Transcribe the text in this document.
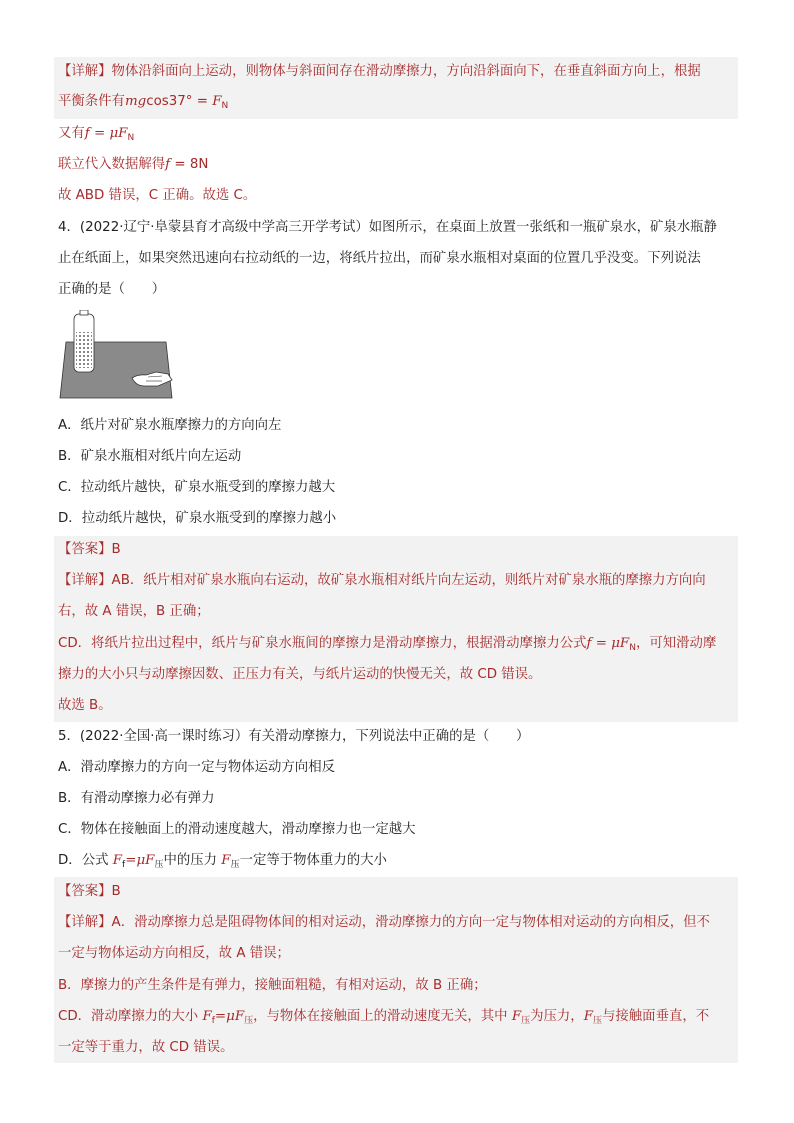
【详解】物体沿斜面向上运动，则物体与斜面间存在滑动摩擦力，方向沿斜面向下，在垂直斜面方向上，根据
平衡条件有$mgcos37^\circ = F_N$
又有$f = \mu F_N$
联立代入数据解得f = 8N
故 ABD 错误，C 正确。故选 C。
4．(2022·辽宁·阜蒙县育才高级中学高三开学考试）如图所示，在桌面上放置一张纸和一瓶矿泉水，矿泉水瓶静
止在纸面上，如果突然迅速向右拉动纸的一边，将纸片拉出，而矿泉水瓶相对桌面的位置几乎没变。下列说法
正确的是（　　）
A．纸片对矿泉水瓶摩擦力的方向向左
B．矿泉水瓶相对纸片向左运动
C．拉动纸片越快，矿泉水瓶受到的摩擦力越大
D．拉动纸片越快，矿泉水瓶受到的摩擦力越小
【答案】B
【详解】AB．纸片相对矿泉水瓶向右运动，故矿泉水瓶相对纸片向左运动，则纸片对矿泉水瓶的摩擦力方向向
右，故 A 错误，B 正确；
CD．将纸片拉出过程中，纸片与矿泉水瓶间的摩擦力是滑动摩擦力，根据滑动摩擦力公式$f = \mu F_N$，可知滑动摩
擦力的大小只与动摩擦因数、正压力有关，与纸片运动的快慢无关，故 CD 错误。
故选 B。
5．(2022·全国·高一课时练习）有关滑动摩擦力，下列说法中正确的是（　　）
A．滑动摩擦力的方向一定与物体运动方向相反
B．有滑动摩擦力必有弹力
C．物体在接触面上的滑动速度越大，滑动摩擦力也一定越大
D．公式 $F_f=\mu F_压$中的压力 $F_压$一定等于物体重力的大小
【答案】B
【详解】A．滑动摩擦力总是阻碍物体间的相对运动，滑动摩擦力的方向一定与物体相对运动的方向相反，但不
一定与物体运动方向相反，故 A 错误；
B．摩擦力的产生条件是有弹力，接触面粗糙，有相对运动，故 B 正确；
CD．滑动摩擦力的大小 $F_f=\mu F_压$，与物体在接触面上的滑动速度无关，其中 $F_压$为压力，$F_压$与接触面垂直，不
一定等于重力，故 CD 错误。
